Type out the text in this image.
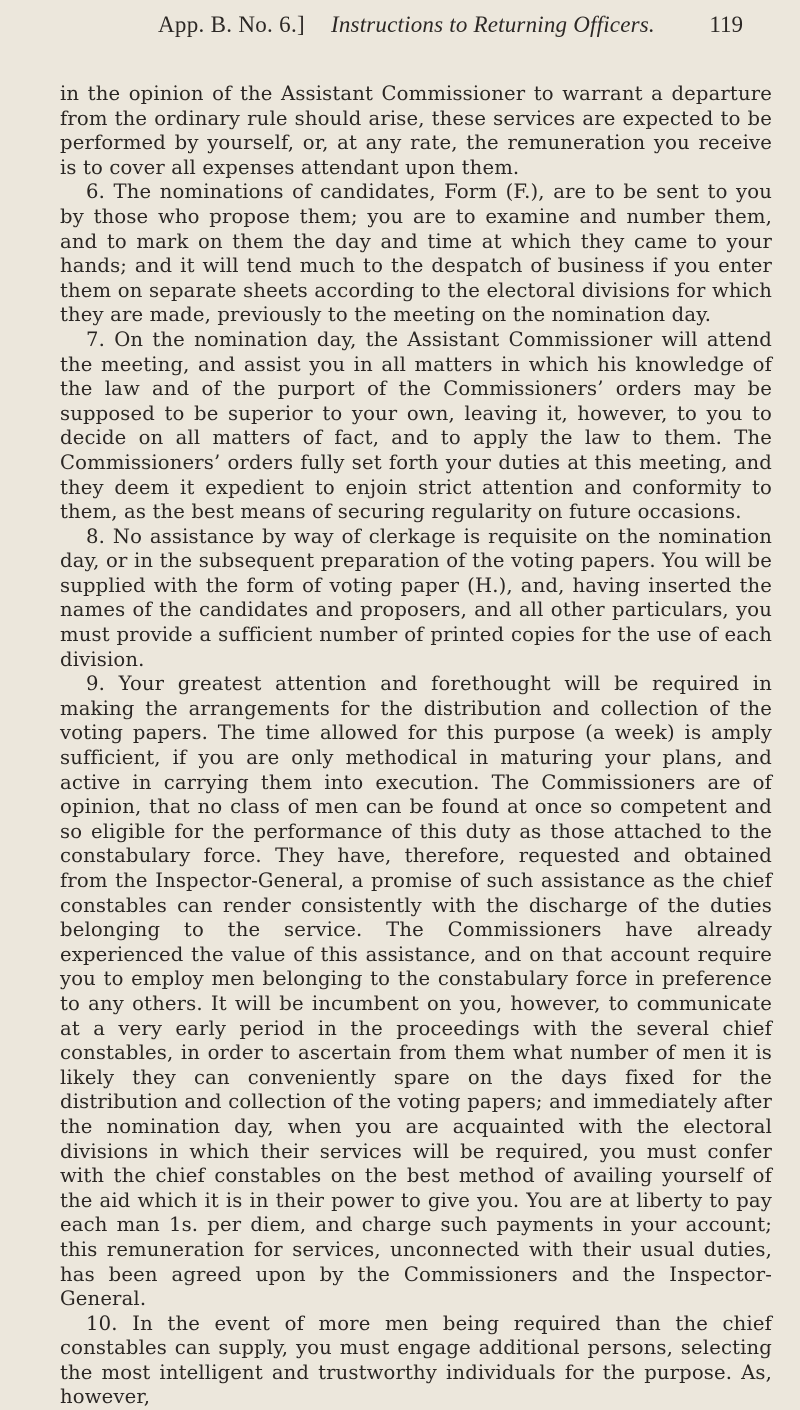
App. B. No. 6.] Instructions to Returning Officers. 119

in the opinion of the Assistant Commissioner to warrant a departure from the ordinary rule should arise, these services are expected to be performed by yourself, or, at any rate, the remuneration you receive is to cover all expenses attendant upon them.

6. The nominations of candidates, Form (F.), are to be sent to you by those who propose them; you are to examine and number them, and to mark on them the day and time at which they came to your hands; and it will tend much to the despatch of business if you enter them on separate sheets according to the electoral divisions for which they are made, previously to the meeting on the nomination day.

7. On the nomination day, the Assistant Commissioner will attend the meeting, and assist you in all matters in which his knowledge of the law and of the purport of the Commissioners’ orders may be supposed to be superior to your own, leaving it, however, to you to decide on all matters of fact, and to apply the law to them. The Commissioners’ orders fully set forth your duties at this meeting, and they deem it expedient to enjoin strict attention and conformity to them, as the best means of securing regularity on future occasions.

8. No assistance by way of clerkage is requisite on the nomination day, or in the subsequent preparation of the voting papers. You will be supplied with the form of voting paper (H.), and, having inserted the names of the candidates and proposers, and all other particulars, you must provide a sufficient number of printed copies for the use of each division.

9. Your greatest attention and forethought will be required in making the arrangements for the distribution and collection of the voting papers. The time allowed for this purpose (a week) is amply sufficient, if you are only methodical in maturing your plans, and active in carrying them into execution. The Commissioners are of opinion, that no class of men can be found at once so competent and so eligible for the performance of this duty as those attached to the constabulary force. They have, therefore, requested and obtained from the Inspector-General, a promise of such assistance as the chief constables can render consistently with the discharge of the duties belonging to the service. The Commissioners have already experienced the value of this assistance, and on that account require you to employ men belonging to the constabulary force in preference to any others. It will be incumbent on you, however, to communicate at a very early period in the proceedings with the several chief constables, in order to ascertain from them what number of men it is likely they can conveniently spare on the days fixed for the distribution and collection of the voting papers; and immediately after the nomination day, when you are acquainted with the electoral divisions in which their services will be required, you must confer with the chief constables on the best method of availing yourself of the aid which it is in their power to give you. You are at liberty to pay each man 1s. per diem, and charge such payments in your account; this remuneration for services, unconnected with their usual duties, has been agreed upon by the Commissioners and the Inspector-General.

10. In the event of more men being required than the chief constables can supply, you must engage additional persons, selecting the most intelligent and trustworthy individuals for the purpose. As, however,
